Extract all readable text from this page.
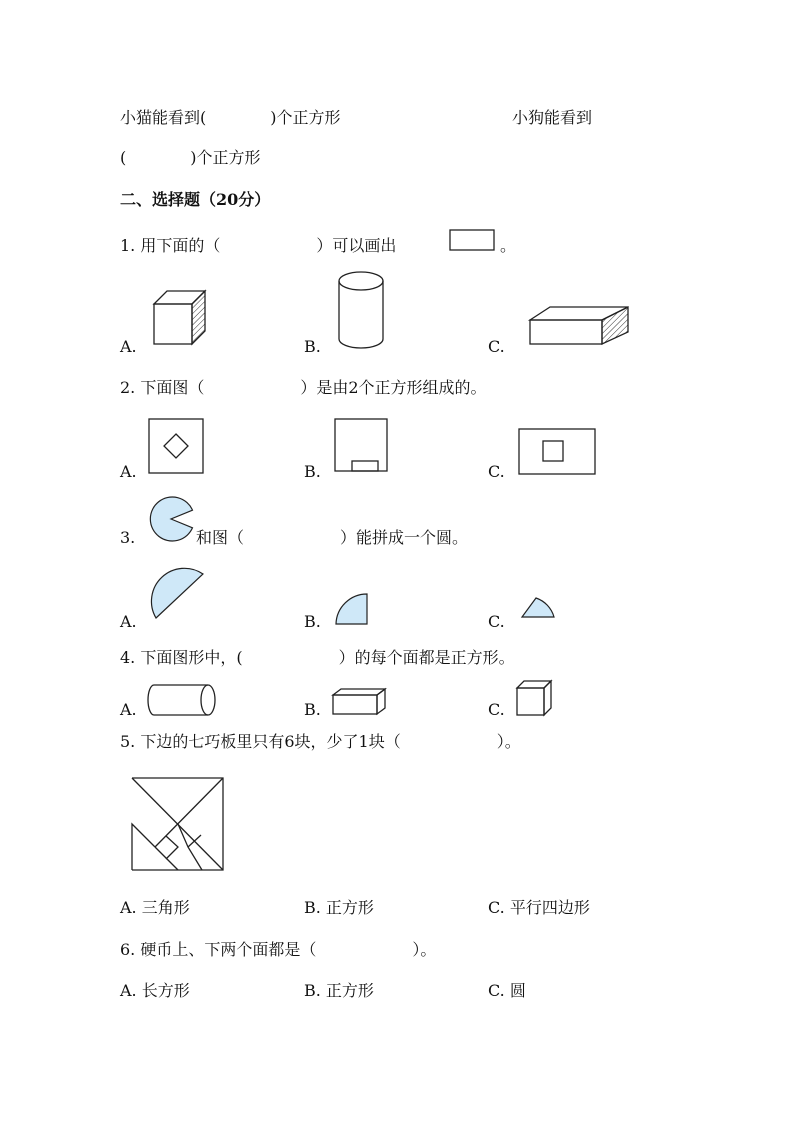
小猫能看到(　　　　)个正方形	小狗能看到
(　　　　)个正方形
二、选择题（20分）
1. 用下面的（　　　　　　）可以画出	。
A.	B.	C.
2. 下面图（　　　　　　）是由2个正方形组成的。
A.	B.	C.
3.	和图（　　　　　　）能拼成一个圆。
A.	B.	C.
4. 下面图形中，(　　　　　　）的每个面都是正方形。
A.	B.	C.
5. 下边的七巧板里只有6块，少了1块（　　　　　　）。
A. 三角形	B. 正方形	C. 平行四边形
6. 硬币上、下两个面都是（　　　　　　）。
A. 长方形	B. 正方形	C. 圆
